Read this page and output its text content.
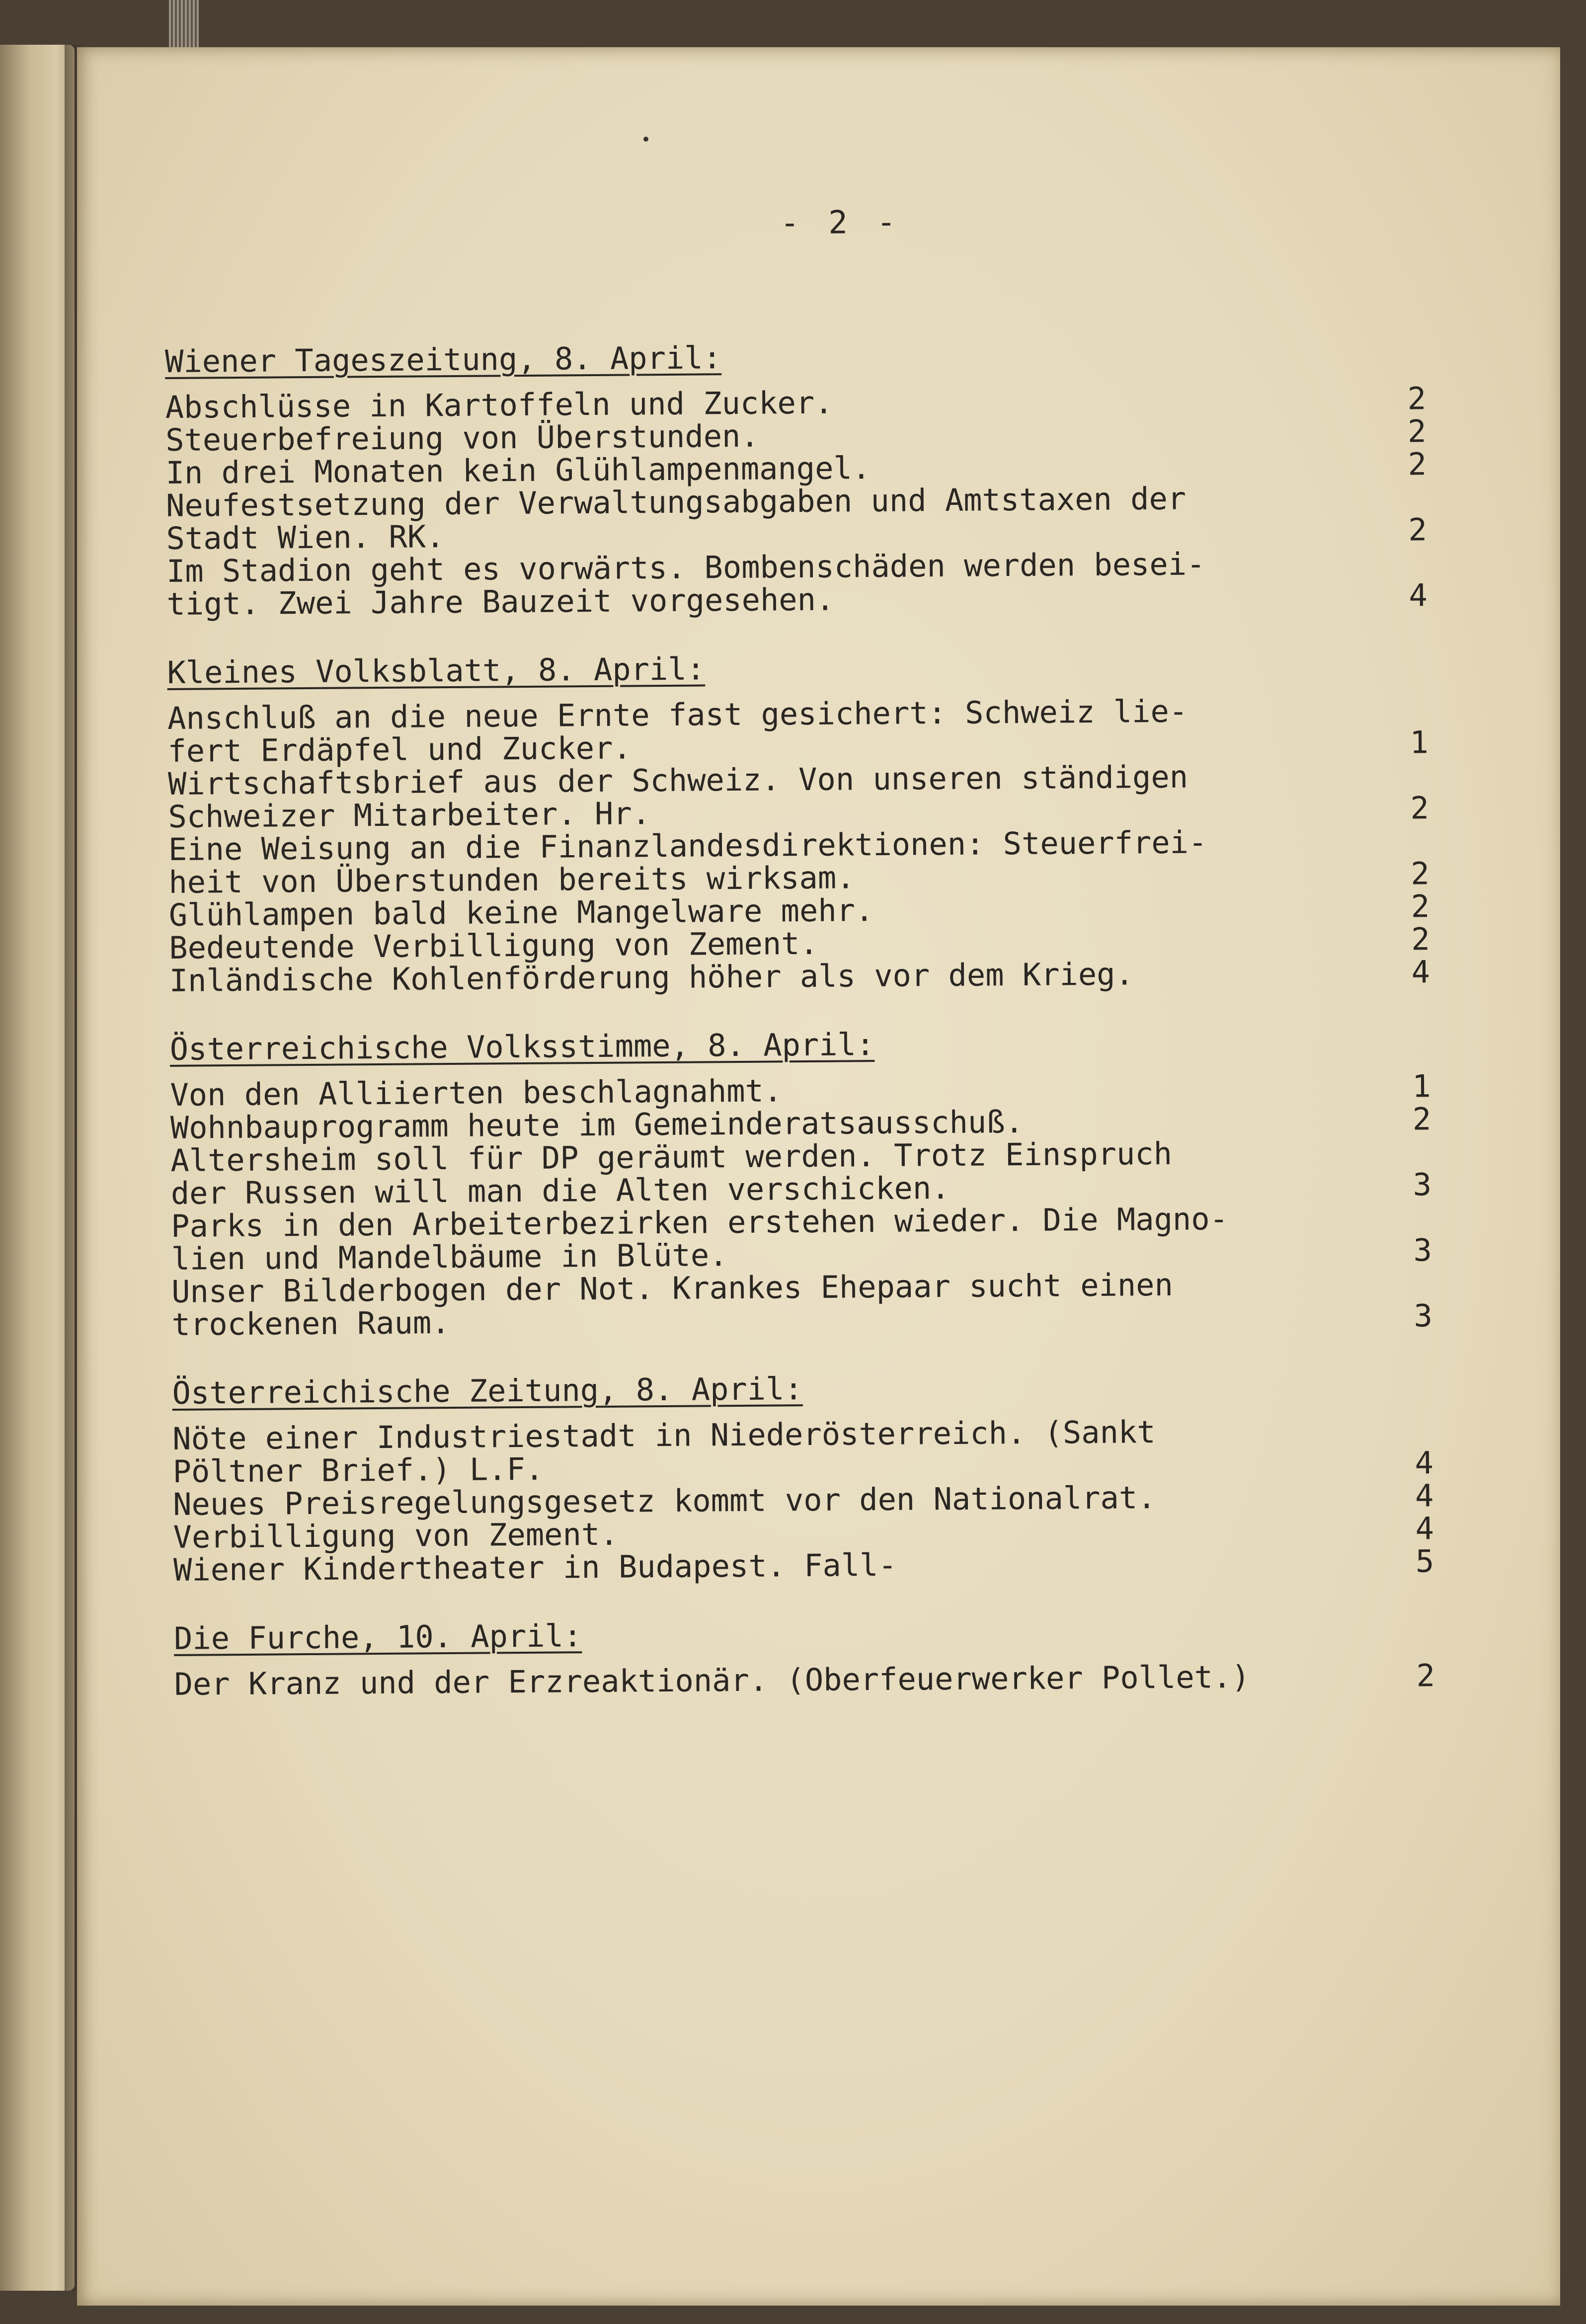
- 2 -
Wiener Tageszeitung, 8. April:
Abschlüsse in Kartoffeln und Zucker.	2
Steuerbefreiung von Überstunden.	2
In drei Monaten kein Glühlampenmangel.	2
Neufestsetzung der Verwaltungsabgaben und Amtstaxen der
Stadt Wien. RK.	2
Im Stadion geht es vorwärts. Bombenschäden werden besei-
tigt. Zwei Jahre Bauzeit vorgesehen.	4
Kleines Volksblatt, 8. April:
Anschluß an die neue Ernte fast gesichert: Schweiz lie-
fert Erdäpfel und Zucker.	1
Wirtschaftsbrief aus der Schweiz. Von unseren ständigen
Schweizer Mitarbeiter. Hr.	2
Eine Weisung an die Finanzlandesdirektionen: Steuerfrei-
heit von Überstunden bereits wirksam.	2
Glühlampen bald keine Mangelware mehr.	2
Bedeutende Verbilligung von Zement.	2
Inländische Kohlenförderung höher als vor dem Krieg.	4
Österreichische Volksstimme, 8. April:
Von den Alliierten beschlagnahmt.	1
Wohnbauprogramm heute im Gemeinderatsausschuß.	2
Altersheim soll für DP geräumt werden. Trotz Einspruch
der Russen will man die Alten verschicken.	3
Parks in den Arbeiterbezirken erstehen wieder. Die Magno-
lien und Mandelbäume in Blüte.	3
Unser Bilderbogen der Not. Krankes Ehepaar sucht einen
trockenen Raum.	3
Österreichische Zeitung, 8. April:
Nöte einer Industriestadt in Niederösterreich. (Sankt
Pöltner Brief.) L.F.	4
Neues Preisregelungsgesetz kommt vor den Nationalrat.	4
Verbilligung von Zement.	4
Wiener Kindertheater in Budapest. Fall-	5
Die Furche, 10. April:
Der Kranz und der Erzreaktionär. (Oberfeuerwerker Pollet.)	2
